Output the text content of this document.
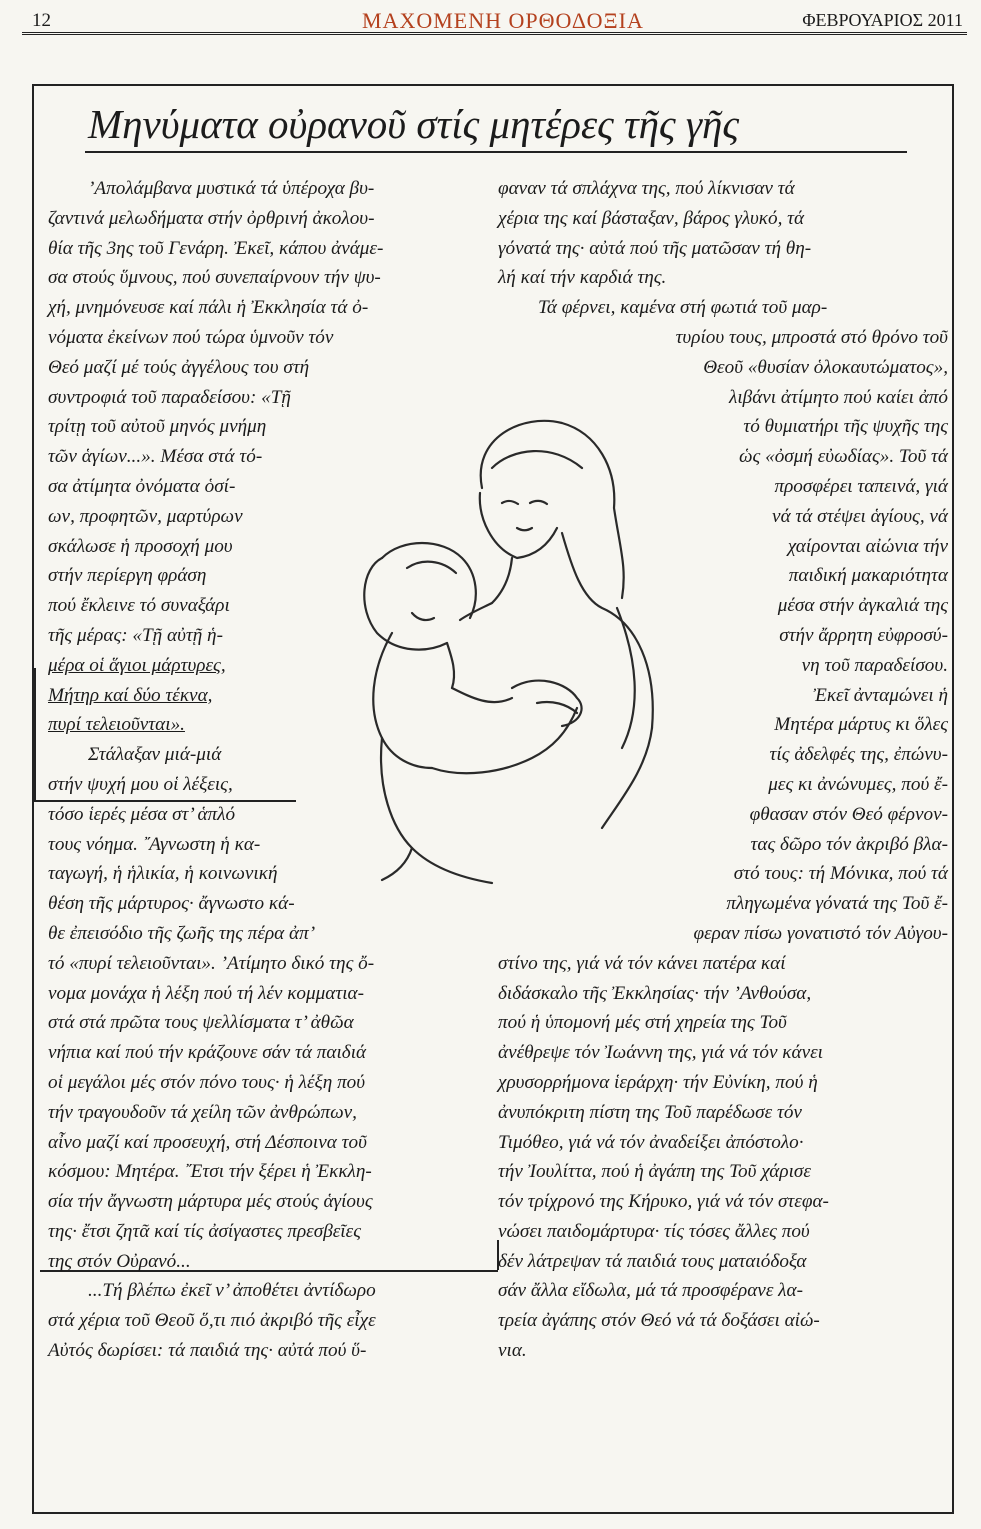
12	ΜΑΧΟΜΕΝΗ ΟΡΘΟΔΟΞΙΑ	ΦΕΒΡΟΥΑΡΙΟΣ 2011
Μηνύματα οὐρανοῦ στίς μητέρες τῆς γῆς
’Απολάμβανα μυστικά τά ὑπέροχα βυ-
ζαντινά μελωδήματα στήν ὀρθρινή ἀκολου-
θία τῆς 3ης τοῦ Γενάρη. Ἐκεῖ, κάπου ἀνάμε-
σα στούς ὕμνους, πού συνεπαίρνουν τήν ψυ-
χή, μνημόνευσε καί πάλι ἡ Ἐκκλησία τά ὀ-
νόματα ἐκείνων πού τώρα ὑμνοῦν τόν
Θεό μαζί μέ τούς ἀγγέλους του στή
συντροφιά τοῦ παραδείσου: «Τῇ
τρίτῃ τοῦ αὐτοῦ μηνός μνήμη
τῶν ἁγίων...». Μέσα στά τό-
σα ἀτίμητα ὀνόματα ὁσί-
ων, προφητῶν, μαρτύρων
σκάλωσε ἡ προσοχή μου
στήν περίεργη φράση
πού ἔκλεινε τό συναξάρι
τῆς μέρας: «Τῇ αὐτῇ ἡ-
μέρα οἱ ἅγιοι μάρτυρες,
Μήτηρ καί δύο τέκνα,
πυρί τελειοῦνται».
Στάλαξαν μιά-μιά
στήν ψυχή μου οἱ λέξεις,
τόσο ἱερές μέσα στ’ ἁπλό
τους νόημα. ῎Αγνωστη ἡ κα-
ταγωγή, ἡ ἡλικία, ἡ κοινωνική
θέση τῆς μάρτυρος· ἄγνωστο κά-
θε ἐπεισόδιο τῆς ζωῆς της πέρα ἀπ’
τό «πυρί τελειοῦνται». ’Ατίμητο δικό της ὄ-
νομα μονάχα ἡ λέξη πού τή λέν κομματια-
στά στά πρῶτα τους ψελλίσματα τ’ ἀθῶα
νήπια καί πού τήν κράζουνε σάν τά παιδιά
οἱ μεγάλοι μές στόν πόνο τους· ἡ λέξη πού
τήν τραγουδοῦν τά χείλη τῶν ἀνθρώπων,
αἶνο μαζί καί προσευχή, στή Δέσποινα τοῦ
κόσμου: Μητέρα. ῎Ετσι τήν ξέρει ἡ Ἐκκλη-
σία τήν ἄγνωστη μάρτυρα μές στούς ἁγίους
της· ἔτσι ζητᾶ καί τίς ἀσίγαστες πρεσβεῖες
της στόν Οὐρανό...
...Τή βλέπω ἐκεῖ ν’ ἀποθέτει ἀντίδωρο
στά χέρια τοῦ Θεοῦ ὅ,τι πιό ἀκριβό τῆς εἶχε
Αὐτός δωρίσει: τά παιδιά της· αὐτά πού ὕ-
φαναν τά σπλάχνα της, πού λίκνισαν τά
χέρια της καί βάσταξαν, βάρος γλυκό, τά
γόνατά της· αὐτά πού τῆς ματῶσαν τή θη-
λή καί τήν καρδιά της.
Τά φέρνει, καμένα στή φωτιά τοῦ μαρ-
τυρίου τους, μπροστά στό θρόνο τοῦ
Θεοῦ «θυσίαν ὁλοκαυτώματος»,
λιβάνι ἀτίμητο πού καίει ἀπό
τό θυμιατήρι τῆς ψυχῆς της
ὡς «ὀσμή εὐωδίας». Τοῦ τά
προσφέρει ταπεινά, γιά
νά τά στέψει ἁγίους, νά
χαίρονται αἰώνια τήν
παιδική μακαριότητα
μέσα στήν ἀγκαλιά της
στήν ἄρρητη εὐφροσύ-
νη τοῦ παραδείσου.
Ἐκεῖ ἀνταμώνει ἡ
Μητέρα μάρτυς κι ὅλες
τίς ἀδελφές της, ἐπώνυ-
μες κι ἀνώνυμες, πού ἔ-
φθασαν στόν Θεό φέρνον-
τας δῶρο τόν ἀκριβό βλα-
στό τους: τή Μόνικα, πού τά
πληγωμένα γόνατά της Τοῦ ἔ-
φεραν πίσω γονατιστό τόν Αὐγου-
στίνο της, γιά νά τόν κάνει πατέρα καί
διδάσκαλο τῆς Ἐκκλησίας· τήν ’Ανθούσα,
πού ἡ ὑπομονή μές στή χηρεία της Τοῦ
ἀνέθρεψε τόν Ἰωάννη της, γιά νά τόν κάνει
χρυσορρήμονα ἱεράρχη· τήν Εὐνίκη, πού ἡ
ἀνυπόκριτη πίστη της Τοῦ παρέδωσε τόν
Τιμόθεο, γιά νά τόν ἀναδείξει ἀπόστολο·
τήν Ἰουλίττα, πού ἡ ἀγάπη της Τοῦ χάρισε
τόν τρίχρονό της Κήρυκο, γιά νά τόν στεφα-
νώσει παιδομάρτυρα· τίς τόσες ἄλλες πού
δέν λάτρεψαν τά παιδιά τους ματαιόδοξα
σάν ἄλλα εἴδωλα, μά τά προσφέρανε λα-
τρεία ἀγάπης στόν Θεό νά τά δοξάσει αἰώ-
νια.
